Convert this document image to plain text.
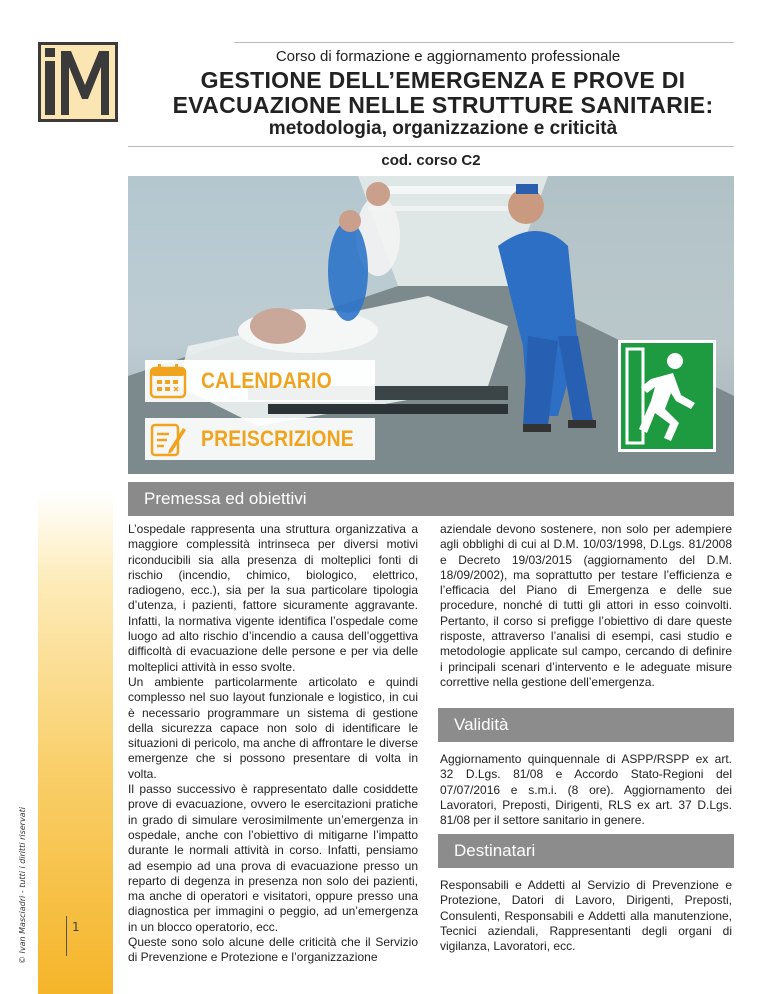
© Ivan Masciadri - tutti i diritti riservati	1
Corso di formazione e aggiornamento professionale
GESTIONE DELL’EMERGENZA E PROVE DI
EVACUAZIONE NELLE STRUTTURE SANITARIE:
metodologia, organizzazione e criticità
cod. corso C2
CALENDARIO
PREISCRIZIONE
Premessa ed obiettivi
L’ospedale rappresenta una struttura organizzativa a maggiore complessità intrinseca per diversi motivi riconducibili sia alla presenza di molteplici fonti di rischio (incendio, chimico, biologico, elettrico, radiogeno, ecc.), sia per la sua particolare tipologia d’utenza, i pazienti, fattore sicuramente aggravante. Infatti, la normativa vigente identifica l’ospedale come luogo ad alto rischio d’incendio a causa dell’oggettiva difficoltà di evacuazione delle persone e per via delle molteplici attività in esso svolte.
Un ambiente particolarmente articolato e quindi complesso nel suo layout funzionale e logistico, in cui è necessario programmare un sistema di gestione della sicurezza capace non solo di identificare le situazioni di pericolo, ma anche di affrontare le diverse emergenze che si possono presentare di volta in volta.
Il passo successivo è rappresentato dalle cosiddette prove di evacuazione, ovvero le esercitazioni pratiche in grado di simulare verosimilmente un’emergenza in ospedale, anche con l’obiettivo di mitigarne l’impatto durante le normali attività in corso. Infatti, pensiamo ad esempio ad una prova di evacuazione presso un reparto di degenza in presenza non solo dei pazienti, ma anche di operatori e visitatori, oppure presso una diagnostica per immagini o peggio, ad un’emergenza in un blocco operatorio, ecc.
Queste sono solo alcune delle criticità che il Servizio di Prevenzione e Protezione e l’organizzazione
aziendale devono sostenere, non solo per adempiere agli obblighi di cui al D.M. 10/03/1998, D.Lgs. 81/2008 e Decreto 19/03/2015 (aggiornamento del D.M. 18/09/2002), ma soprattutto per testare l’efficienza e l’efficacia del Piano di Emergenza e delle sue procedure, nonché di tutti gli attori in esso coinvolti. Pertanto, il corso si prefigge l’obiettivo di dare queste risposte, attraverso l’analisi di esempi, casi studio e metodologie applicate sul campo, cercando di definire i principali scenari d’intervento e le adeguate misure correttive nella gestione dell’emergenza.
Validità
Aggiornamento quinquennale di ASPP/RSPP ex art. 32 D.Lgs. 81/08 e Accordo Stato-Regioni del 07/07/2016 e s.m.i. (8 ore). Aggiornamento dei Lavoratori, Preposti, Dirigenti, RLS ex art. 37 D.Lgs. 81/08 per il settore sanitario in genere.
Destinatari
Responsabili e Addetti al Servizio di Prevenzione e Protezione, Datori di Lavoro, Dirigenti, Preposti, Consulenti, Responsabili e Addetti alla manutenzione, Tecnici aziendali, Rappresentanti degli organi di vigilanza, Lavoratori, ecc.
